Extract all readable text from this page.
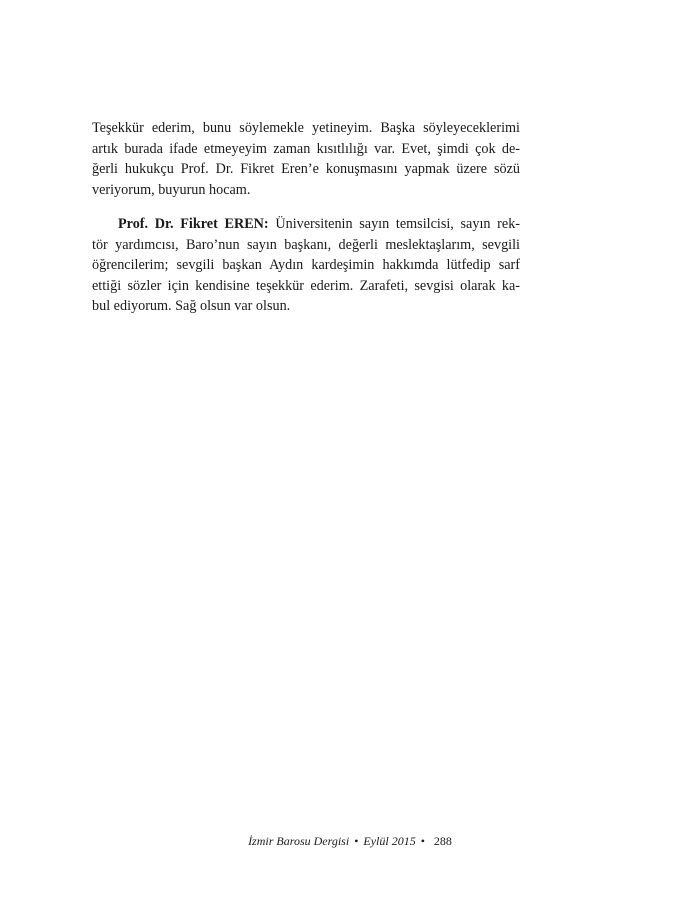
Teşekkür ederim, bunu söylemekle yetineyim. Başka söyleyeceklerimi
artık burada ifade etmeyeyim zaman kısıtlılığı var. Evet, şimdi çok de-
ğerli hukukçu Prof. Dr. Fikret Eren’e konuşmasını yapmak üzere sözü
veriyorum, buyurun hocam.
Prof. Dr. Fikret EREN: Üniversitenin sayın temsilcisi, sayın rek-
tör yardımcısı, Baro’nun sayın başkanı, değerli meslektaşlarım, sevgili
öğrencilerim; sevgili başkan Aydın kardeşimin hakkımda lütfedip sarf
ettiği sözler için kendisine teşekkür ederim. Zarafeti, sevgisi olarak ka-
bul ediyorum. Sağ olsun var olsun.
İzmir Barosu Dergisi • Eylül 2015 • 288
